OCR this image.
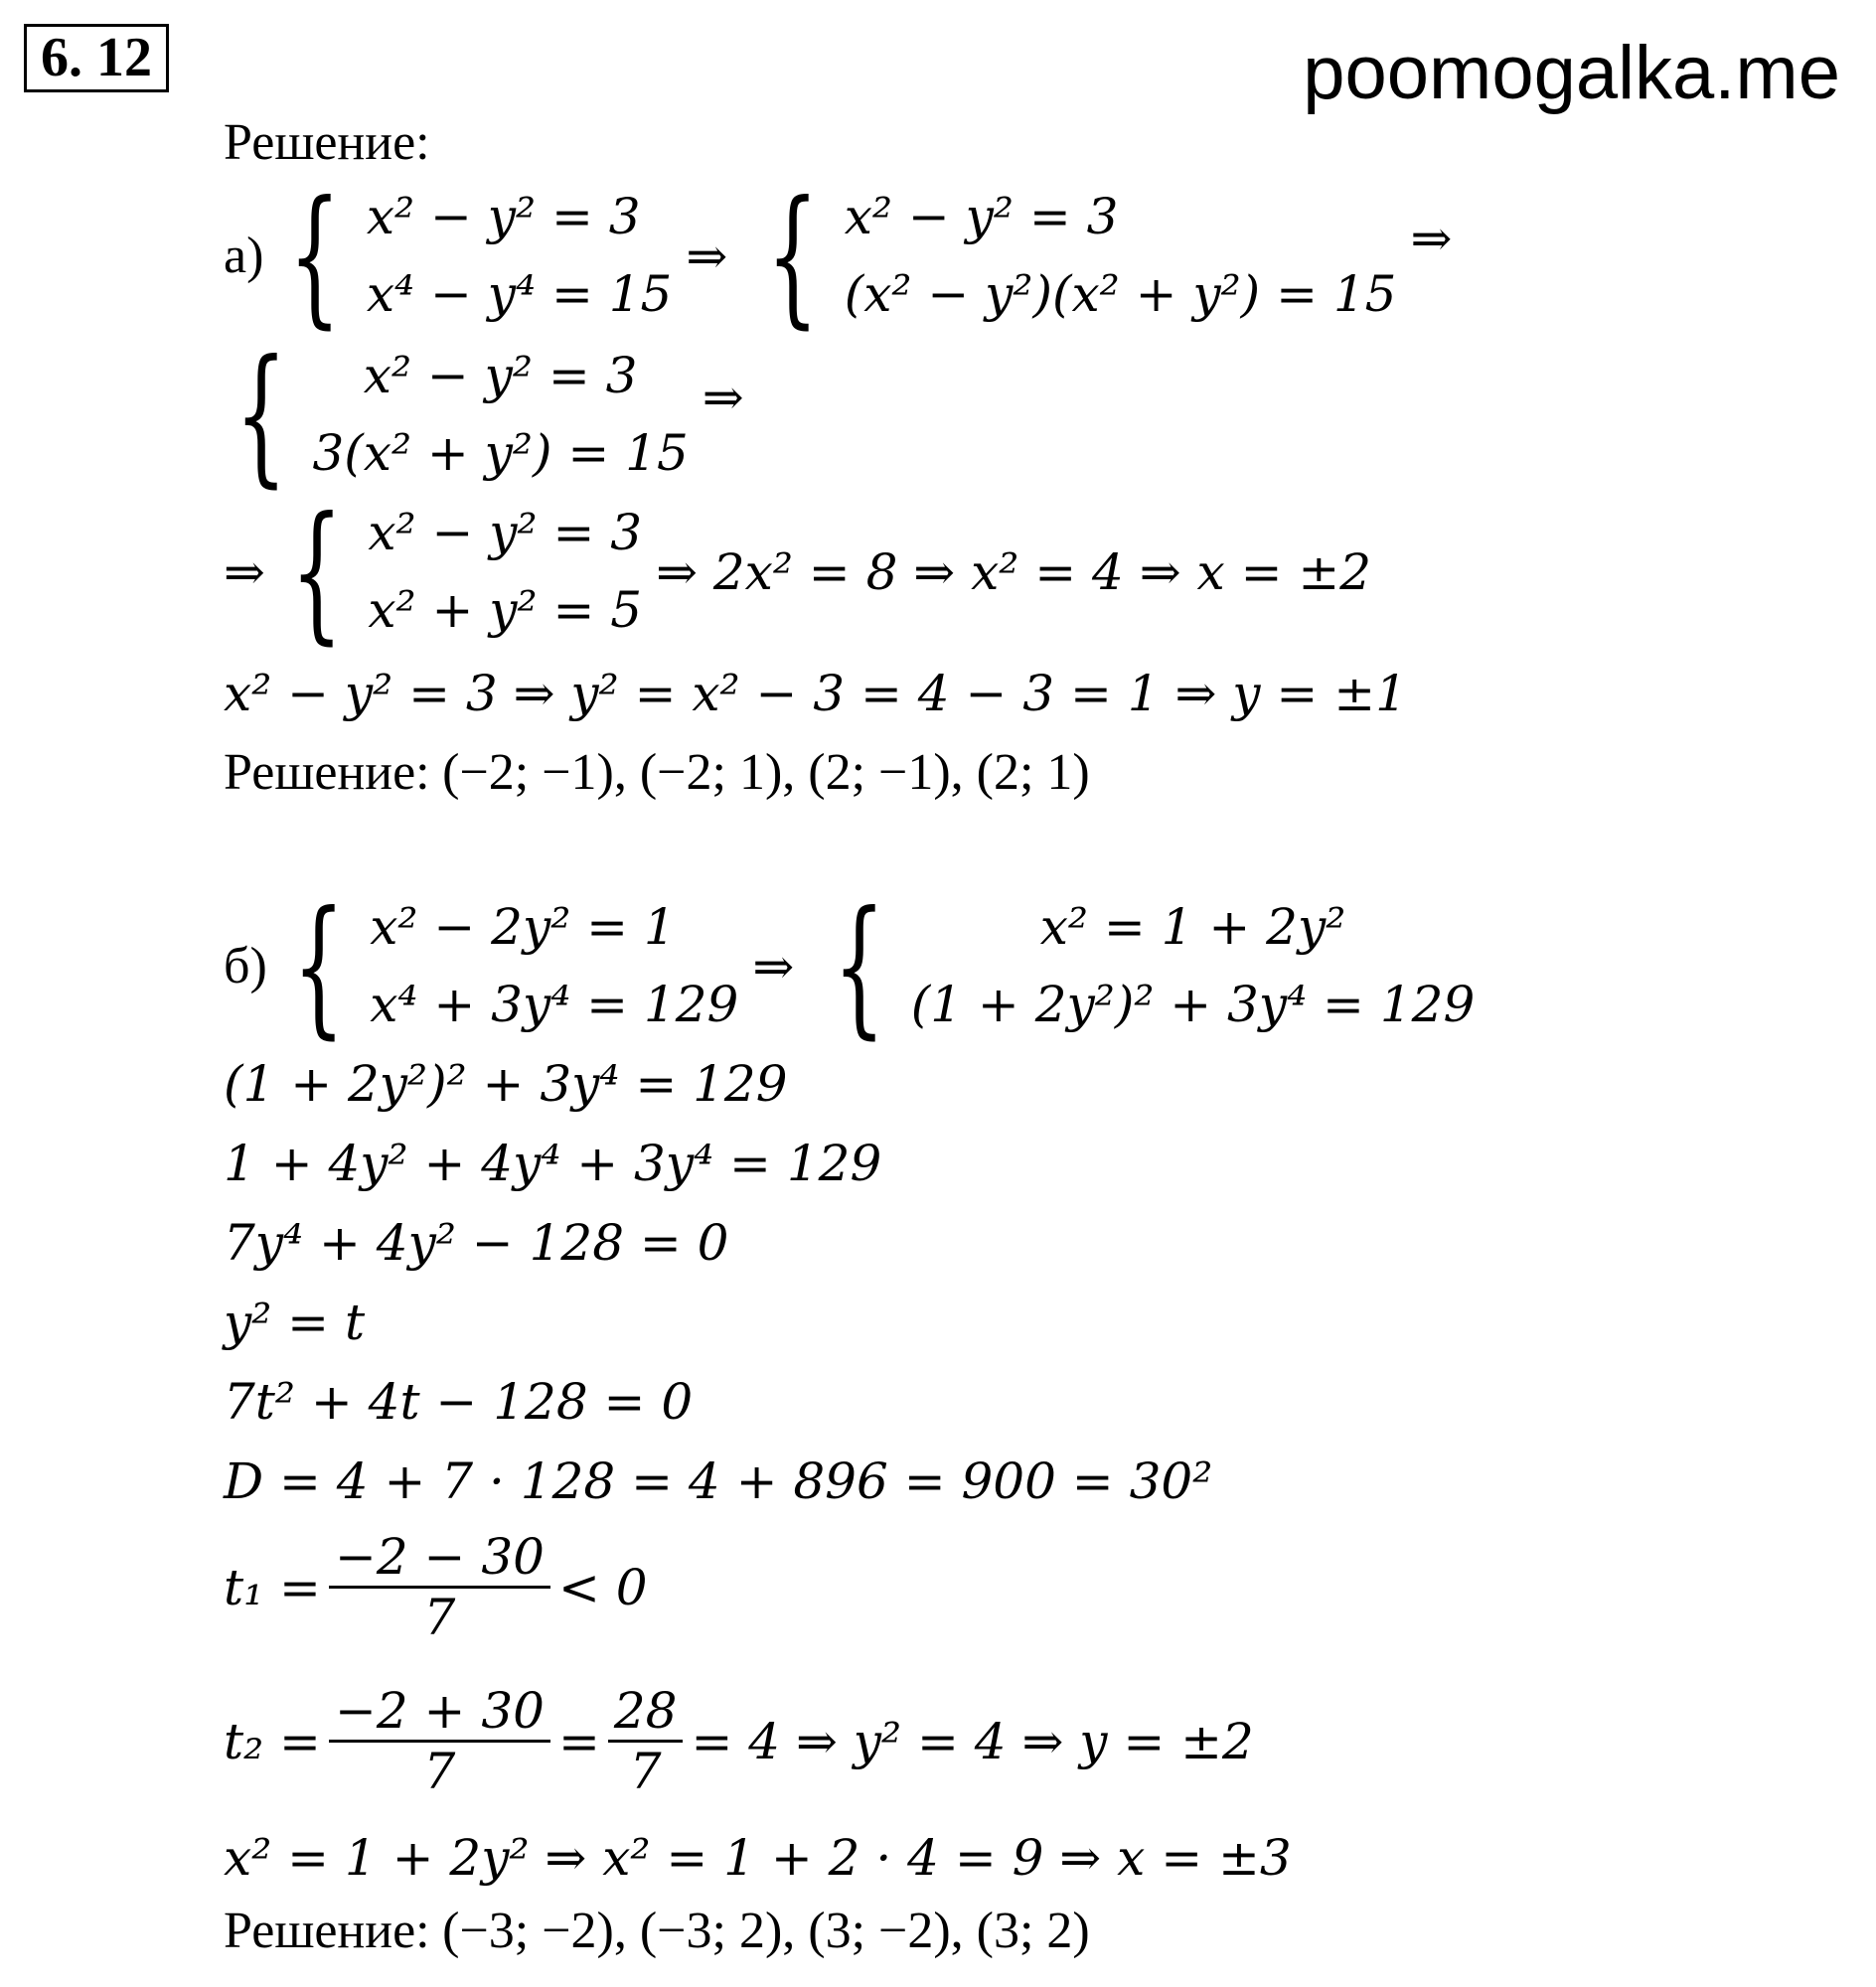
6. 12	poomogalka.me
Решение:
а) { x² − y² = 3
x⁴ − y⁴ = 15
⇒ { x² − y² = 3
(x² − y²)(x² + y²) = 15
⇒
{	x² − y² = 3
3(x² + y²) = 15
⇒
⇒ { x² − y² = 3
x² + y² = 5
⇒ 2x² = 8 ⇒ x² = 4 ⇒ x = ±2
x² − y² = 3 ⇒ y² = x² − 3 = 4 − 3 = 1 ⇒ y = ±1
Решение: (−2; −1), (−2; 1), (2; −1), (2; 1)
б) { x² − 2y² = 1
x⁴ + 3y⁴ = 129
⇒ {	x² = 1 + 2y²
(1 + 2y²)² + 3y⁴ = 129
(1 + 2y²)² + 3y⁴ = 129
1 + 4y² + 4y⁴ + 3y⁴ = 129
7y⁴ + 4y² − 128 = 0
y² = t
7t² + 4t − 128 = 0
D = 4 + 7 · 128 = 4 + 896 = 900 = 30²
$t_1 = \frac{-2 - 30}{7} < 0$
$t_2 = \frac{-2 + 30}{7} = \frac{28}{7} = 4$ ⇒ y² = 4 ⇒ y = ±2
x² = 1 + 2y² ⇒ x² = 1 + 2 · 4 = 9 ⇒ x = ±3
Решение: (−3; −2), (−3; 2), (3; −2), (3; 2)
